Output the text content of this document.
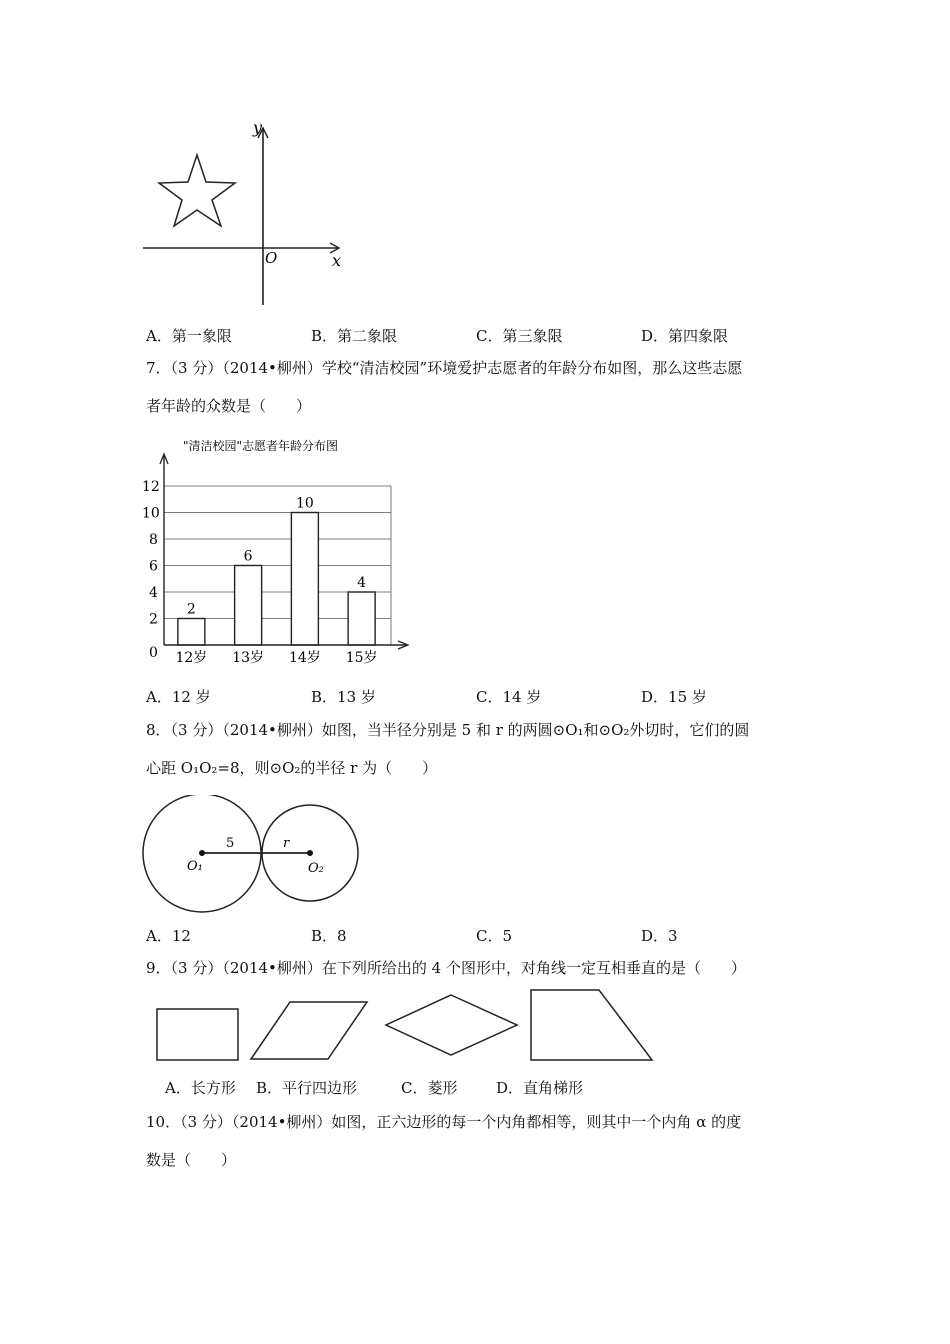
y
x
O
A．第一象限	B．第二象限	C．第三象限	D．第四象限
7．（3 分）（2014•柳州）学校“清洁校园”环境爱护志愿者的年龄分布如图，那么这些志愿
者年龄的众数是（　　）
"清洁校园"志愿者年龄分布图
0
2
4
6
8
10
12
2
12岁
6
13岁
10
14岁
4
15岁
A．12 岁	B．13 岁	C．14 岁	D．15 岁
8．（3 分）（2014•柳州）如图，当半径分别是 5 和 r 的两圆⊙O₁和⊙O₂外切时，它们的圆
心距 O₁O₂=8，则⊙O₂的半径 r 为（　　）
5	r
O₁	O₂
A．12	B．8	C．5	D．3
9．（3 分）（2014•柳州）在下列所给出的 4 个图形中，对角线一定互相垂直的是（　　）
A．长方形 B．平行四边形	C．菱形	D．直角梯形
10．（3 分）（2014•柳州）如图，正六边形的每一个内角都相等，则其中一个内角 α 的度
数是（　　）
